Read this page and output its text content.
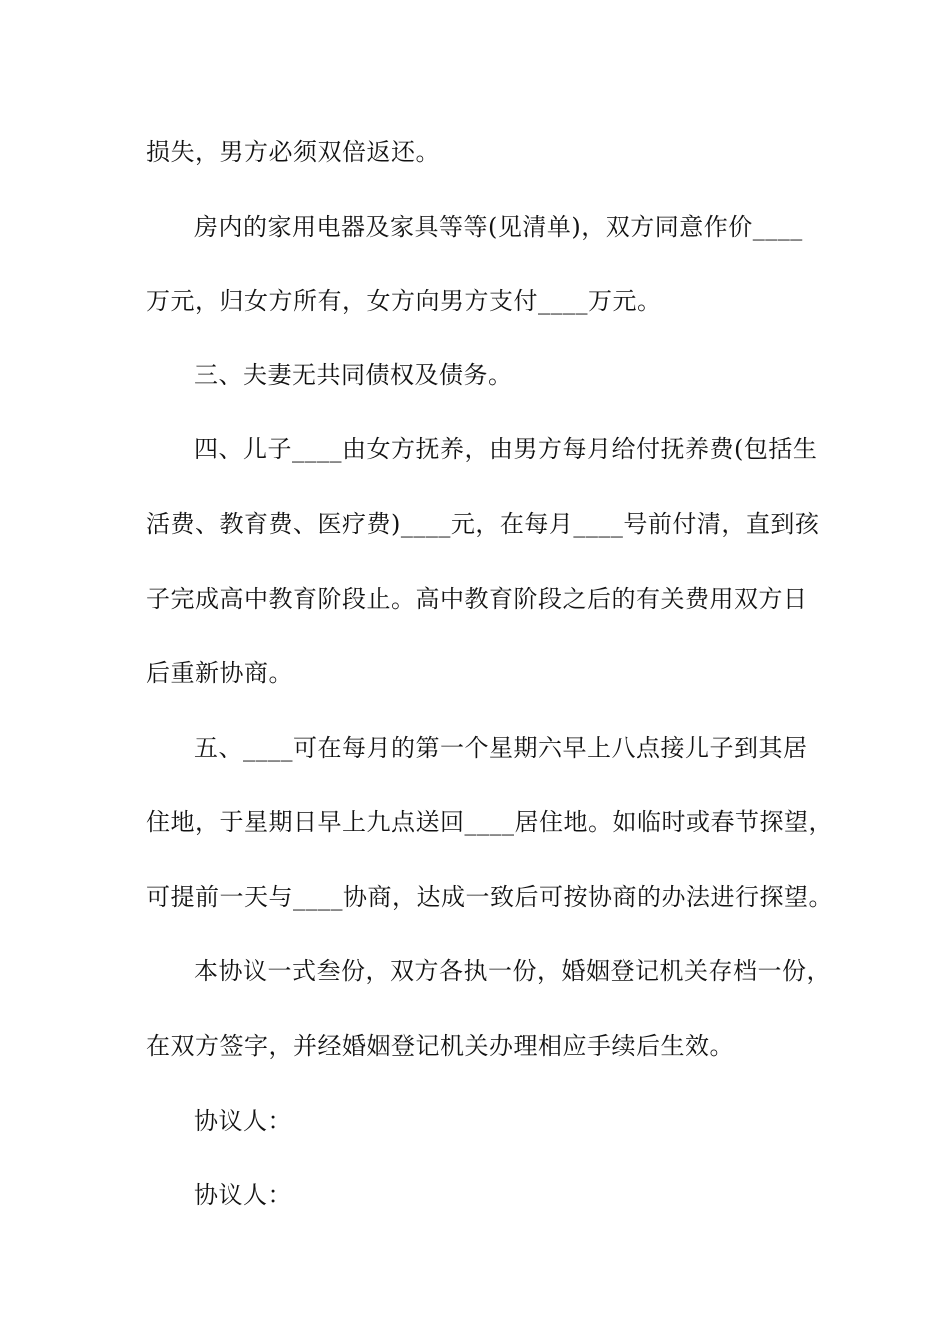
损失，男方必须双倍返还。
房内的家用电器及家具等等(见清单)，双方同意作价____
万元，归女方所有，女方向男方支付____万元。
三、夫妻无共同债权及债务。
四、儿子____由女方抚养，由男方每月给付抚养费(包括生
活费、教育费、医疗费)____元，在每月____号前付清，直到孩
子完成高中教育阶段止。高中教育阶段之后的有关费用双方日
后重新协商。
五、____可在每月的第一个星期六早上八点接儿子到其居
住地，于星期日早上九点送回____居住地。如临时或春节探望，
可提前一天与____协商，达成一致后可按协商的办法进行探望。
本协议一式叁份，双方各执一份，婚姻登记机关存档一份，
在双方签字，并经婚姻登记机关办理相应手续后生效。
协议人：
协议人：
